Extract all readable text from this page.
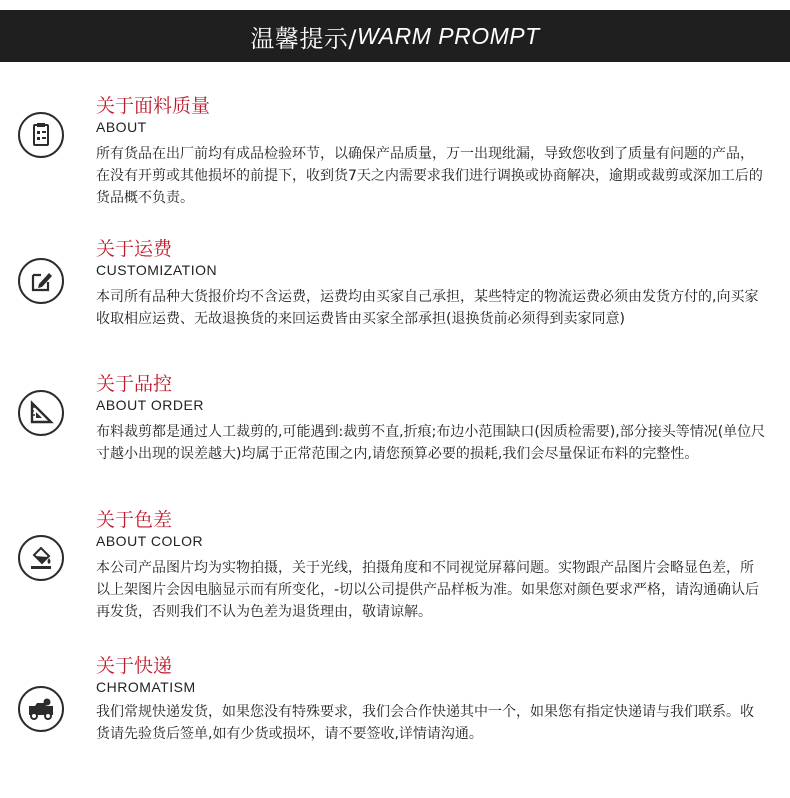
温馨提示/ WARM PROMPT
关于面料质量
ABOUT

所有货品在出厂前均有成品检验环节，以确保产品质量，万一出现纰漏，导致您收到了质量有问题的产品，在没有开剪或其他损坏的前提下，收到货7天之内需要求我们进行调换或协商解决，逾期或裁剪或深加工后的货品概不负责。

关于运费
CUSTOMIZATION

本司所有品种大货报价均不含运费，运费均由买家自己承担，某些特定的物流运费必须由发货方付的,向买家收取相应运费、无故退换货的来回运费皆由买家全部承担(退换货前必须得到卖家同意)

关于品控
ABOUT ORDER

布料裁剪都是通过人工裁剪的,可能遇到:裁剪不直,折痕;布边小范围缺口(因质检需要),部分接头等情况(单位尺寸越小出现的误差越大)均属于正常范围之内,请您预算必要的损耗,我们会尽量保证布料的完整性。

关于色差
ABOUT COLOR

本公司产品图片均为实物拍摄，关于光线，拍摄角度和不同视觉屏幕问题。实物跟产品图片会略显色差，所以上架图片会因电脑显示而有所变化，-切以公司提供产品样板为准。如果您对颜色要求严格，请沟通确认后再发货，否则我们不认为色差为退货理由，敬请谅解。

关于快递
CHROMATISM

我们常规快递发货，如果您没有特殊要求，我们会合作快递其中一个，如果您有指定快递请与我们联系。收货请先验货后签单,如有少货或损坏，请不要签收,详情请沟通。
